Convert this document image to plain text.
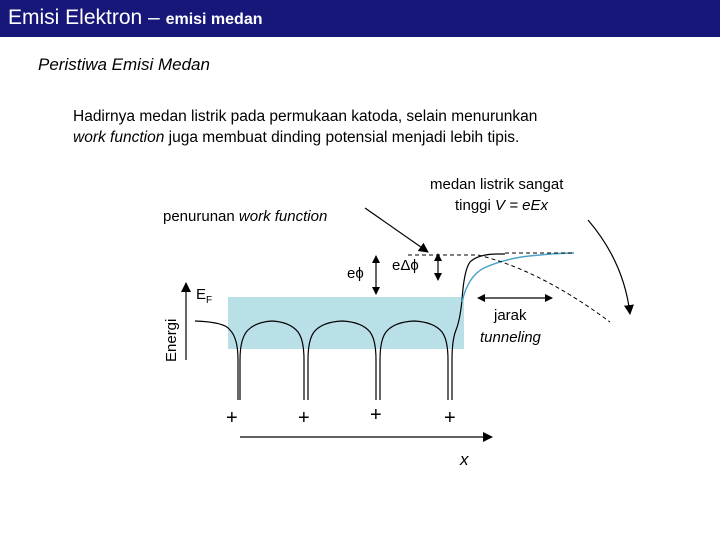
Emisi Elektron – emisi medan
Peristiwa Emisi Medan
Hadirnya medan listrik pada permukaan katoda, selain menurunkan
work function juga membuat dinding potensial menjadi lebih tipis.
eϕ eΔϕ
jarak
tunneling
Energi
$E_F$
x
+	+	+	+
penurunan work function
medan listrik sangat
tinggi V = eEx
